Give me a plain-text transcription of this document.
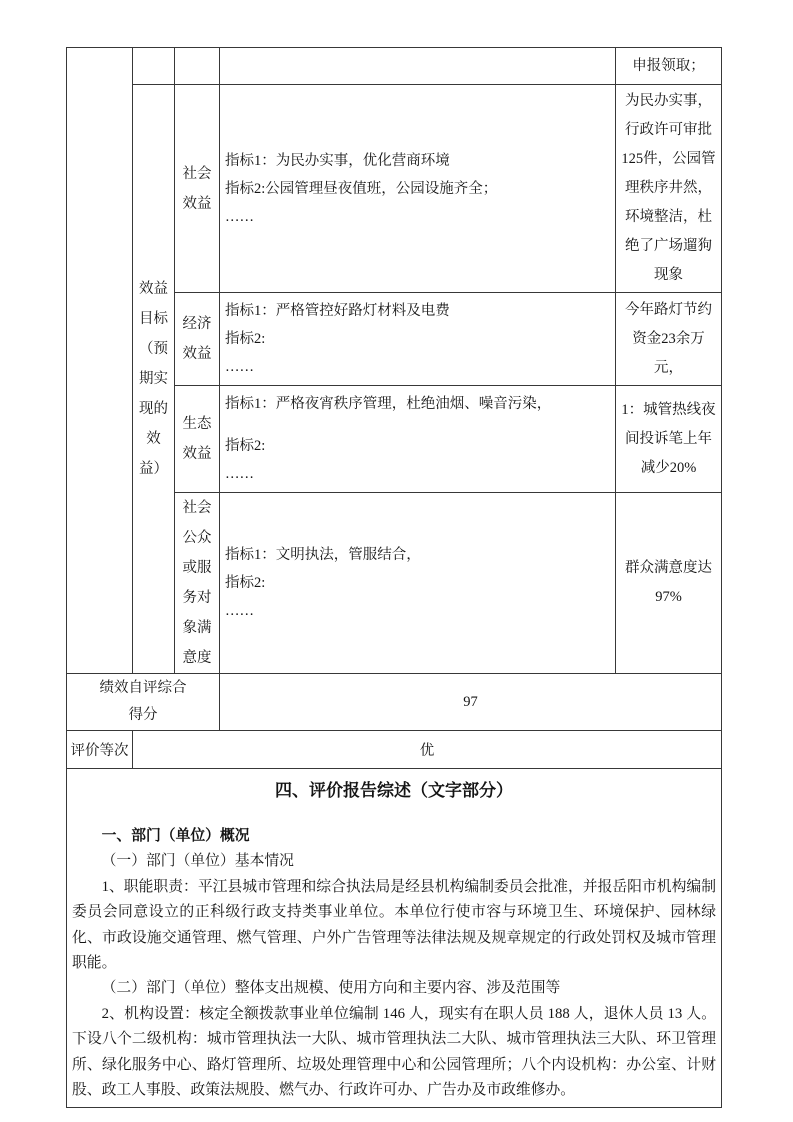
				申报领取；
	效益目标（预期实现的效益）	社会效益	指标1：为民办实事，优化营商环境
指标2:公园管理昼夜值班，公园设施齐全；
……	为民办实事，行政许可审批125件，公园管理秩序井然，环境整洁，杜绝了广场遛狗现象
		经济效益	指标1：严格管控好路灯材料及电费
指标2:
……	今年路灯节约资金23余万元，
		生态效益	指标1：严格夜宵秩序管理，杜绝油烟、噪音污染，
指标2:
……	1：城管热线夜间投诉笔上年减少20%
		社会公众或服务对象满意度	指标1：文明执法，管服结合，
指标2:
……	群众满意度达97%

绩效自评综合得分			97	
评价等次	优			

四、评价报告综述（文字部分）

一、部门（单位）概况

（一）部门（单位）基本情况

1、职能职责：平江县城市管理和综合执法局是经县机构编制委员会批准，并报岳阳市机构编制委员会同意设立的正科级行政支持类事业单位。本单位行使市容与环境卫生、环境保护、园林绿化、市政设施交通管理、燃气管理、户外广告管理等法律法规及规章规定的行政处罚权及城市管理职能。

（二）部门（单位）整体支出规模、使用方向和主要内容、涉及范围等

2、机构设置：核定全额拨款事业单位编制 146 人，现实有在职人员 188 人，退休人员 13 人。下设八个二级机构：城市管理执法一大队、城市管理执法二大队、城市管理执法三大队、环卫管理所、绿化服务中心、路灯管理所、垃圾处理管理中心和公园管理所；八个内设机构：办公室、计财股、政工人事股、政策法规股、燃气办、行政许可办、广告办及市政维修办。
